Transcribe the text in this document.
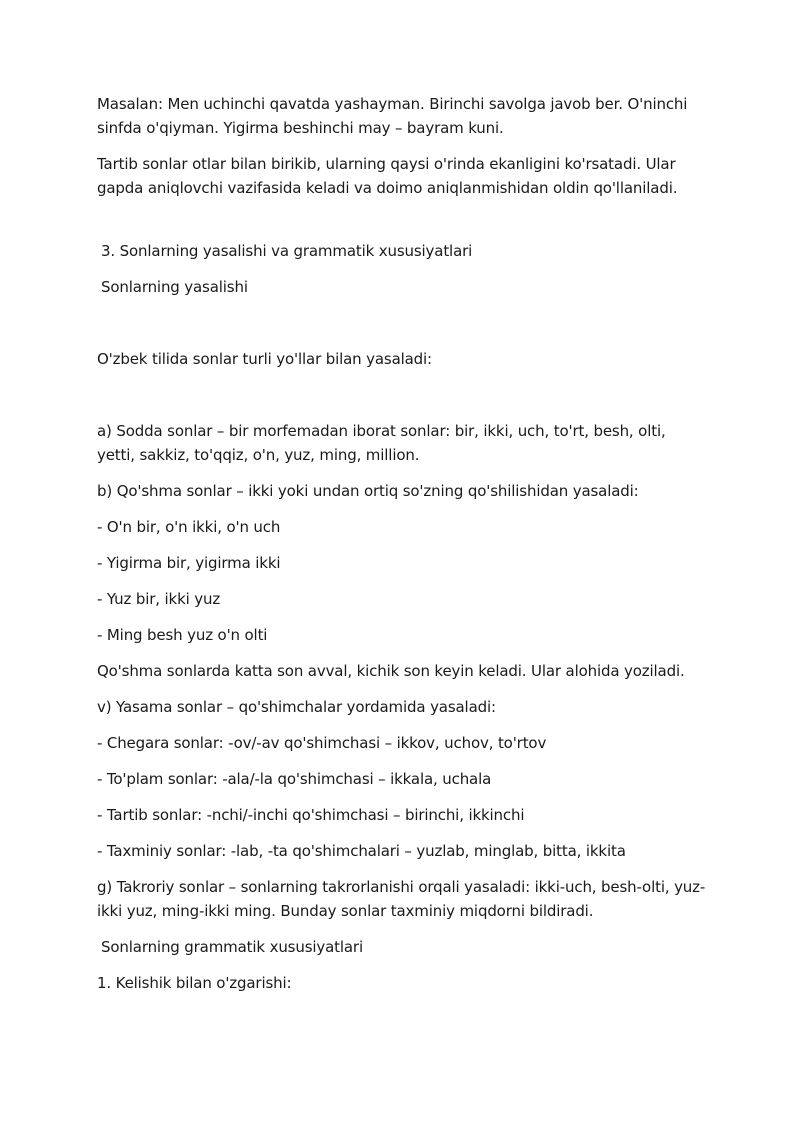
Masalan: Men uchinchi qavatda yashayman. Birinchi savolga javob ber. O'ninchi sinfda o'qiyman. Yigirma beshinchi may – bayram kuni.

Tartib sonlar otlar bilan birikib, ularning qaysi o'rinda ekanligini ko'rsatadi. Ular gapda aniqlovchi vazifasida keladi va doimo aniqlanmishidan oldin qo'llaniladi.

3. Sonlarning yasalishi va grammatik xususiyatlari

Sonlarning yasalishi

O'zbek tilida sonlar turli yo'llar bilan yasaladi:

a) Sodda sonlar – bir morfemadan iborat sonlar: bir, ikki, uch, to'rt, besh, olti, yetti, sakkiz, to'qqiz, o'n, yuz, ming, million.

b) Qo'shma sonlar – ikki yoki undan ortiq so'zning qo'shilishidan yasaladi:

- O'n bir, o'n ikki, o'n uch

- Yigirma bir, yigirma ikki

- Yuz bir, ikki yuz

- Ming besh yuz o'n olti

Qo'shma sonlarda katta son avval, kichik son keyin keladi. Ular alohida yoziladi.

v) Yasama sonlar – qo'shimchalar yordamida yasaladi:

- Chegara sonlar: -ov/-av qo'shimchasi – ikkov, uchov, to'rtov

- To'plam sonlar: -ala/-la qo'shimchasi – ikkala, uchala

- Tartib sonlar: -nchi/-inchi qo'shimchasi – birinchi, ikkinchi

- Taxminiy sonlar: -lab, -ta qo'shimchalari – yuzlab, minglab, bitta, ikkita

g) Takroriy sonlar – sonlarning takrorlanishi orqali yasaladi: ikki-uch, besh-olti, yuz-ikki yuz, ming-ikki ming. Bunday sonlar taxminiy miqdorni bildiradi.

Sonlarning grammatik xususiyatlari

1. Kelishik bilan o'zgarishi:
